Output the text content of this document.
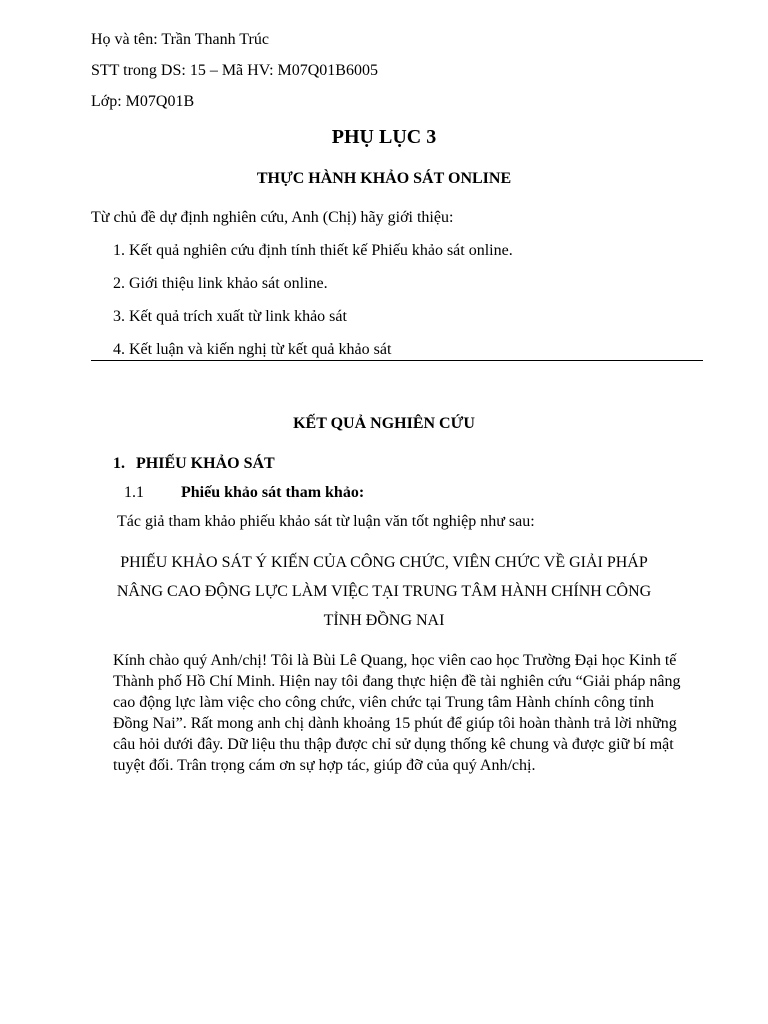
Họ và tên: Trần Thanh Trúc
STT trong DS: 15 – Mã HV: M07Q01B6005
Lớp: M07Q01B
PHỤ LỤC 3
THỰC HÀNH KHẢO SÁT ONLINE
Từ chủ đề dự định nghiên cứu, Anh (Chị) hãy giới thiệu:
1. Kết quả nghiên cứu định tính thiết kế Phiếu khảo sát online.
2. Giới thiệu link khảo sát online.
3. Kết quả trích xuất từ link khảo sát
4. Kết luận và kiến nghị từ kết quả khảo sát
KẾT QUẢ NGHIÊN CỨU
1. PHIẾU KHẢO SÁT
1.1 Phiếu khảo sát tham khảo:
Tác giả tham khảo phiếu khảo sát từ luận văn tốt nghiệp như sau:
PHIẾU KHẢO SÁT Ý KIẾN CỦA CÔNG CHỨC, VIÊN CHỨC VỀ GIẢI PHÁP
NÂNG CAO ĐỘNG LỰC LÀM VIỆC TẠI TRUNG TÂM HÀNH CHÍNH CÔNG
TỈNH ĐỒNG NAI
Kính chào quý Anh/chị! Tôi là Bùi Lê Quang, học viên cao học Trường Đại học Kinh tế Thành phố Hồ Chí Minh. Hiện nay tôi đang thực hiện đề tài nghiên cứu “Giải pháp nâng cao động lực làm việc cho công chức, viên chức tại Trung tâm Hành chính công tỉnh Đồng Nai”. Rất mong anh chị dành khoảng 15 phút để giúp tôi hoàn thành trả lời những câu hỏi dưới đây. Dữ liệu thu thập được chỉ sử dụng thống kê chung và được giữ bí mật tuyệt đối. Trân trọng cám ơn sự hợp tác, giúp đỡ của quý Anh/chị.
